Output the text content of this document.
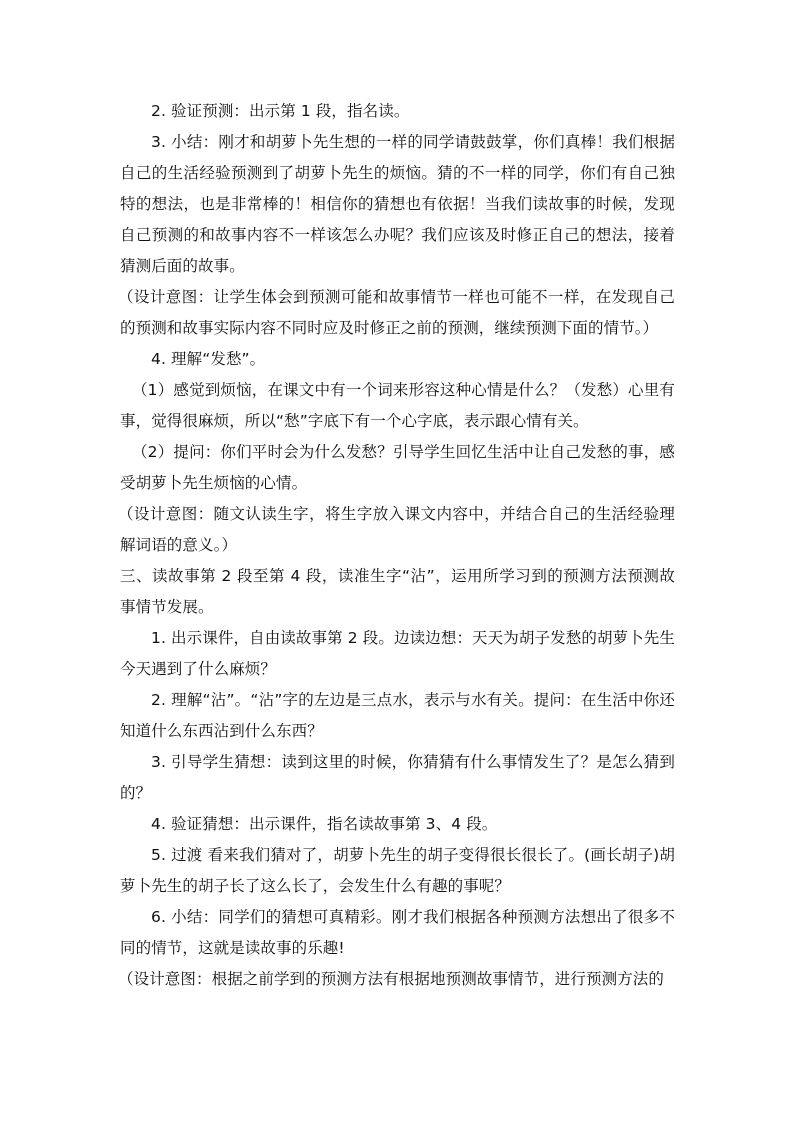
2. 验证预测：出示第 1 段，指名读。

3. 小结：刚才和胡萝卜先生想的一样的同学请鼓鼓掌，你们真棒！我们根据自己的生活经验预测到了胡萝卜先生的烦恼。猜的不一样的同学，你们有自己独特的想法，也是非常棒的！相信你的猜想也有依据！当我们读故事的时候，发现自己预测的和故事内容不一样该怎么办呢？我们应该及时修正自己的想法，接着猜测后面的故事。

（设计意图：让学生体会到预测可能和故事情节一样也可能不一样，在发现自己的预测和故事实际内容不同时应及时修正之前的预测，继续预测下面的情节。）

4. 理解“发愁”。

（1）感觉到烦恼，在课文中有一个词来形容这种心情是什么？（发愁）心里有事，觉得很麻烦，所以“愁”字底下有一个心字底，表示跟心情有关。

（2）提问：你们平时会为什么发愁？引导学生回忆生活中让自己发愁的事，感受胡萝卜先生烦恼的心情。

（设计意图：随文认读生字，将生字放入课文内容中，并结合自己的生活经验理解词语的意义。）

三、读故事第 2 段至第 4 段，读准生字“沾”，运用所学习到的预测方法预测故事情节发展。

1. 出示课件，自由读故事第 2 段。边读边想：天天为胡子发愁的胡萝卜先生今天遇到了什么麻烦？

2. 理解“沾”。“沾”字的左边是三点水，表示与水有关。提问：在生活中你还知道什么东西沾到什么东西？

3. 引导学生猜想：读到这里的时候，你猜猜有什么事情发生了？是怎么猜到的？

4. 验证猜想：出示课件，指名读故事第 3、4 段。

5. 过渡 看来我们猜对了，胡萝卜先生的胡子变得很长很长了。(画长胡子)胡萝卜先生的胡子长了这么长了，会发生什么有趣的事呢？

6. 小结：同学们的猜想可真精彩。刚才我们根据各种预测方法想出了很多不同的情节，这就是读故事的乐趣!

（设计意图：根据之前学到的预测方法有根据地预测故事情节，进行预测方法的
